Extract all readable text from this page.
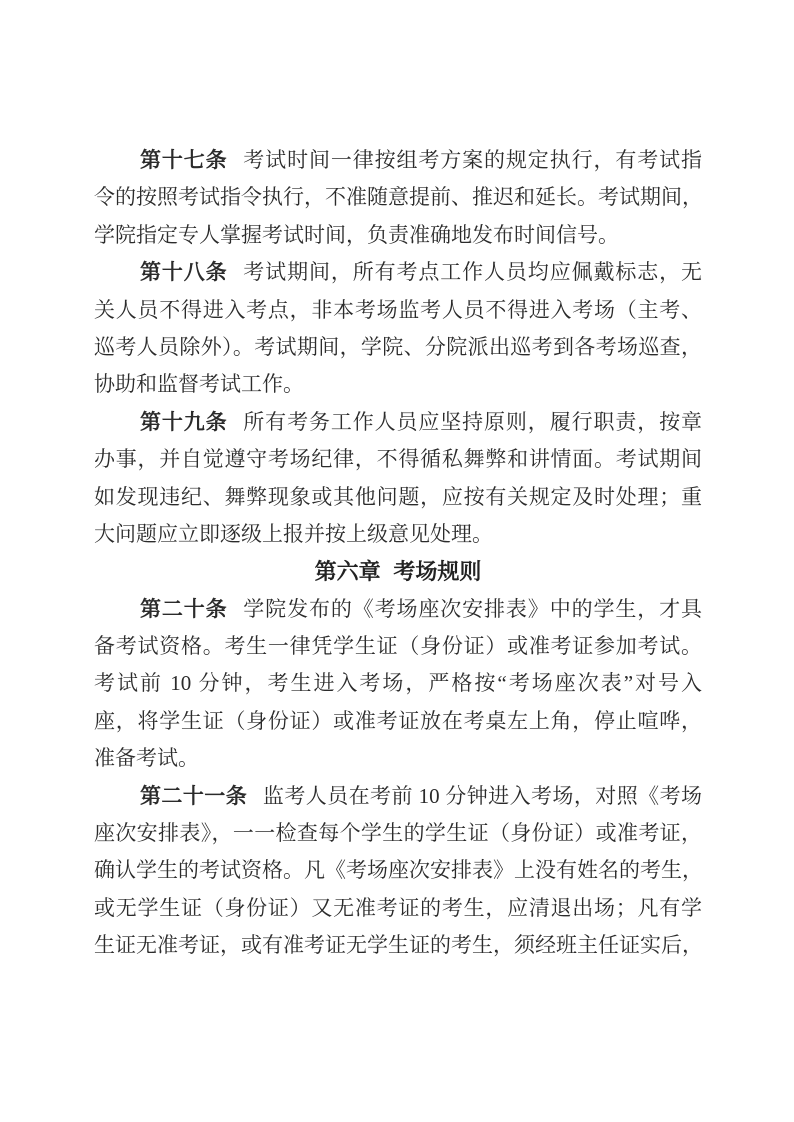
第十七条 考试时间一律按组考方案的规定执行，有考试指
令的按照考试指令执行，不准随意提前、推迟和延长。考试期间，
学院指定专人掌握考试时间，负责准确地发布时间信号。

第十八条 考试期间，所有考点工作人员均应佩戴标志，无
关人员不得进入考点，非本考场监考人员不得进入考场（主考、
巡考人员除外）。考试期间，学院、分院派出巡考到各考场巡查，
协助和监督考试工作。

第十九条 所有考务工作人员应坚持原则，履行职责，按章
办事，并自觉遵守考场纪律，不得循私舞弊和讲情面。考试期间
如发现违纪、舞弊现象或其他问题，应按有关规定及时处理；重
大问题应立即逐级上报并按上级意见处理。

第六章 考场规则

第二十条 学院发布的《考场座次安排表》中的学生，才具
备考试资格。考生一律凭学生证（身份证）或准考证参加考试。
考试前 10 分钟，考生进入考场，严格按“考场座次表”对号入
座，将学生证（身份证）或准考证放在考桌左上角，停止喧哗，
准备考试。

第二十一条 监考人员在考前 10 分钟进入考场，对照《考场
座次安排表》，一一检查每个学生的学生证（身份证）或准考证，
确认学生的考试资格。凡《考场座次安排表》上没有姓名的考生，
或无学生证（身份证）又无准考证的考生，应清退出场；凡有学
生证无准考证，或有准考证无学生证的考生，须经班主任证实后，
